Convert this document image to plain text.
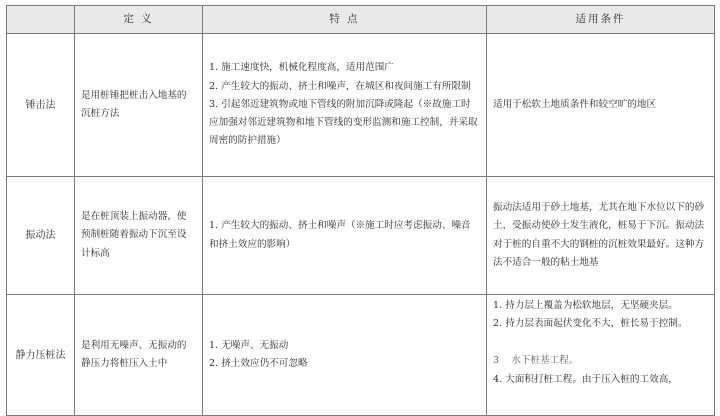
	定 义	特 点	适用条件
锤击法	是用桩锤把桩击入地基的沉桩方法	1. 施工速度快，机械化程度高，适用范围广
2. 产生较大的振动、挤土和噪声，在城区和夜间施工有所限制
3. 引起邻近建筑物或地下管线的附加沉降或隆起（※故施工时应加强对邻近建筑物和地下管线的变形监测和施工控制，并采取周密的防护措施）	适用于松软土地质条件和较空旷的地区

振动法	是在桩顶装上振动器，使预制桩随着振动下沉至设计标高	1. 产生较大的振动、挤土和噪声（※施工时应考虑振动、噪音和挤土效应的影响）	振动法适用于砂土地基，尤其在地下水位以下的砂土，受振动使砂土发生液化，桩易于下沉。振动法对于桩的自重不大的钢桩的沉桩效果最好。这种方法不适合一般的粘土地基

静力压桩法	是利用无噪声、无振动的静压力将桩压入土中	1. 无噪声、无振动
2. 挤土效应仍不可忽略	1. 持力层上覆盖为松软地层，无坚硬夹层。
2. 持力层表面起伏变化不大，桩长易于控制。
3    水下桩基工程。
4. 大面积打桩工程。由于压入桩的工效高，
